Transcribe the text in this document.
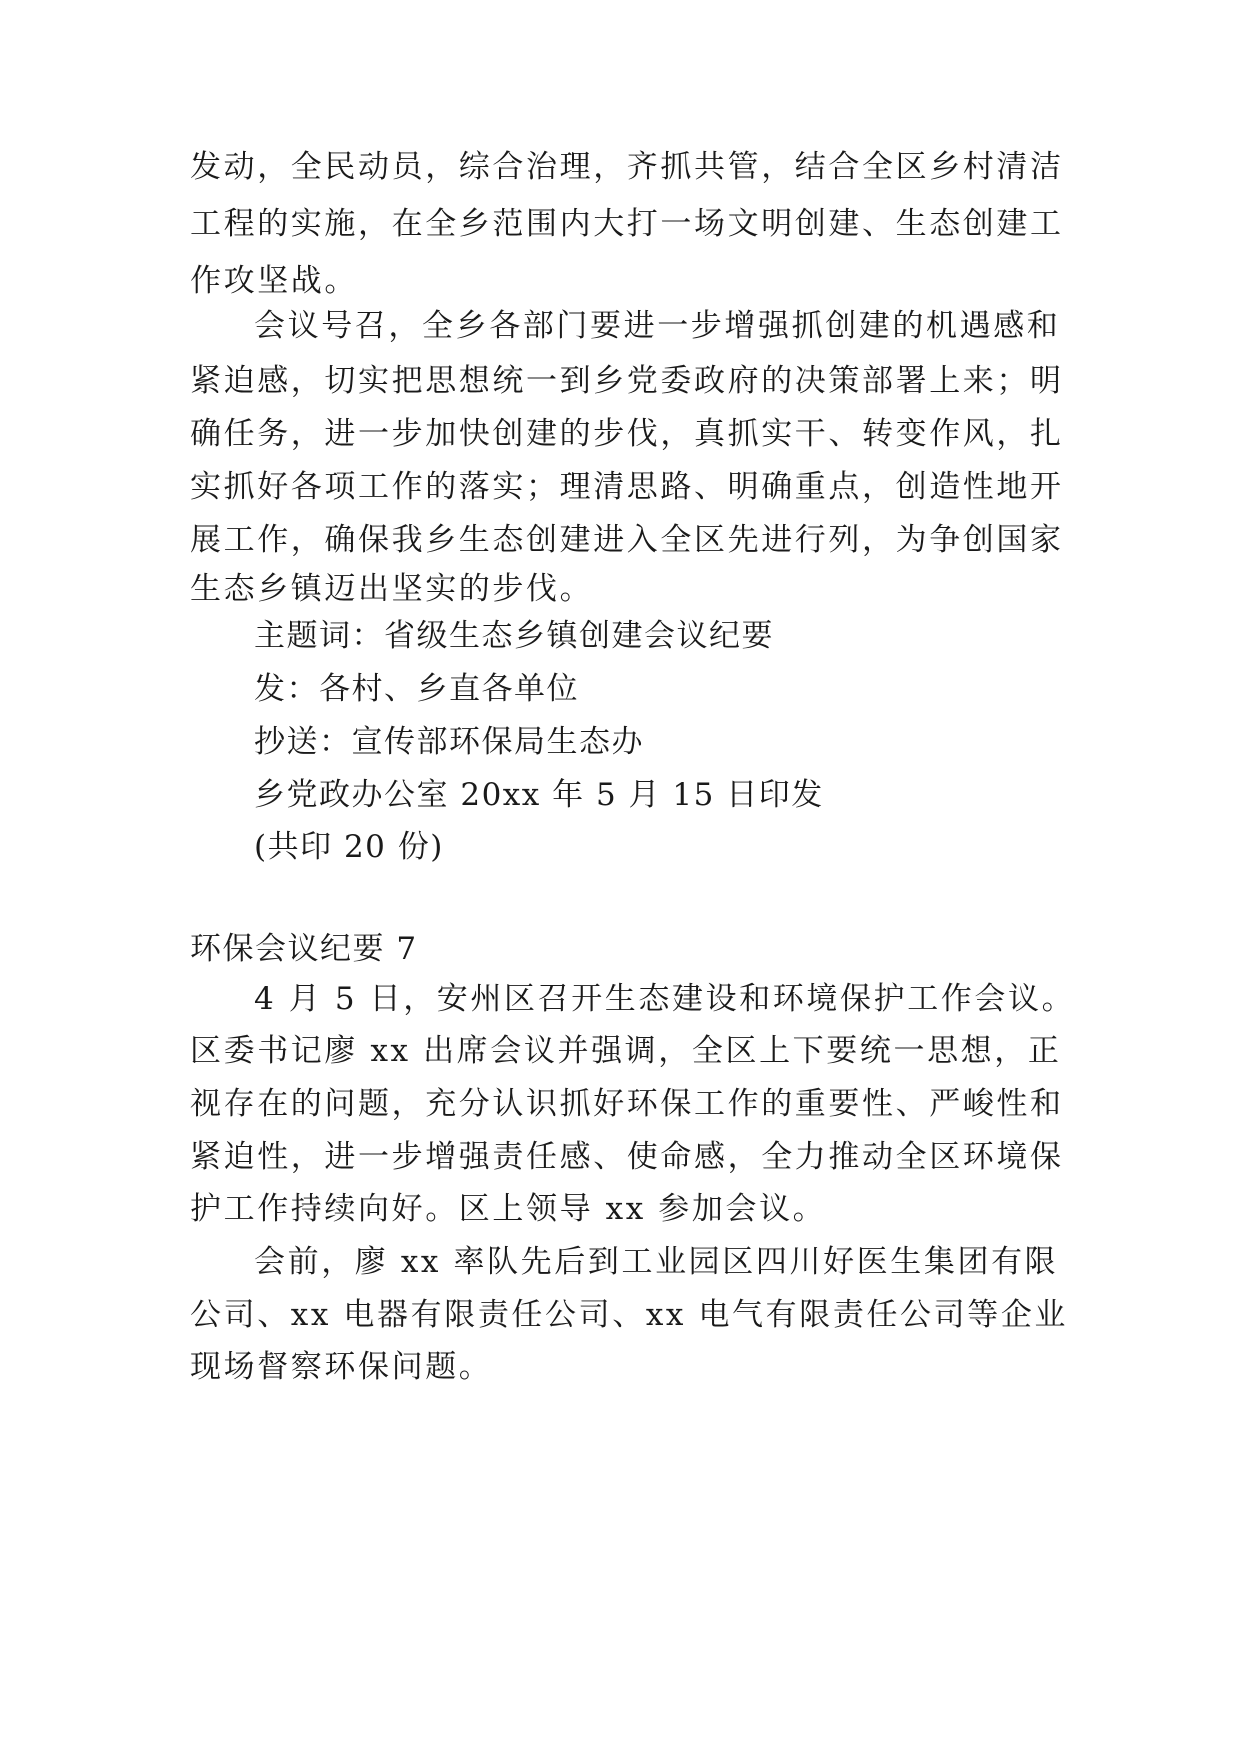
发动，全民动员，综合治理，齐抓共管，结合全区乡村清洁
工程的实施，在全乡范围内大打一场文明创建、生态创建工
作攻坚战。
会议号召，全乡各部门要进一步增强抓创建的机遇感和
紧迫感，切实把思想统一到乡党委政府的决策部署上来；明
确任务，进一步加快创建的步伐，真抓实干、转变作风，扎
实抓好各项工作的落实；理清思路、明确重点，创造性地开
展工作，确保我乡生态创建进入全区先进行列，为争创国家
生态乡镇迈出坚实的步伐。
主题词：省级生态乡镇创建会议纪要
发：各村、乡直各单位
抄送：宣传部环保局生态办
乡党政办公室 20xx 年 5 月 15 日印发
(共印 20 份)
环保会议纪要 7
4 月 5 日，安州区召开生态建设和环境保护工作会议。
区委书记廖 xx 出席会议并强调，全区上下要统一思想，正
视存在的问题，充分认识抓好环保工作的重要性、严峻性和
紧迫性，进一步增强责任感、使命感，全力推动全区环境保
护工作持续向好。区上领导 xx 参加会议。
会前，廖 xx 率队先后到工业园区四川好医生集团有限
公司、xx 电器有限责任公司、xx 电气有限责任公司等企业
现场督察环保问题。
